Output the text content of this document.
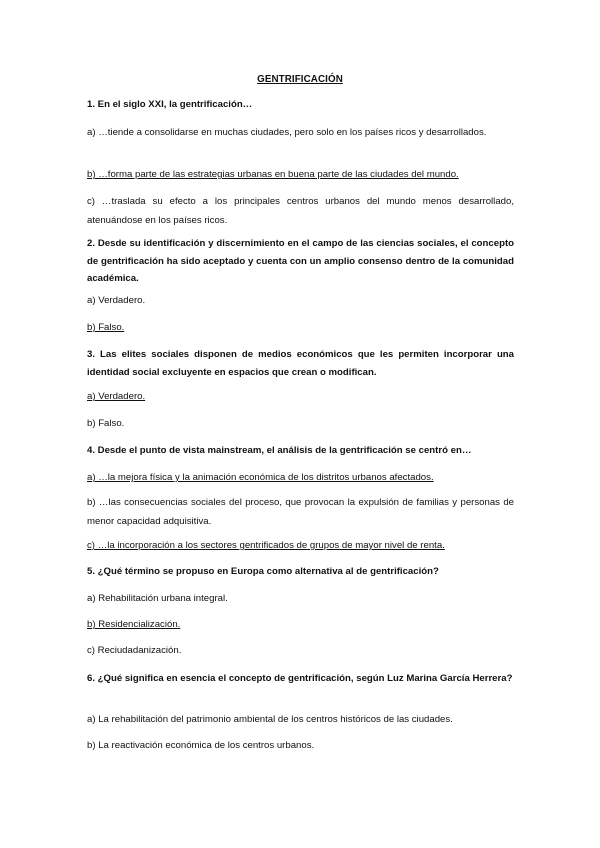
GENTRIFICACIÓN
1. En el siglo XXI, la gentrificación…
a) …tiende a consolidarse en muchas ciudades, pero solo en los países ricos y desarrollados.
b) …forma parte de las estrategias urbanas en buena parte de las ciudades del mundo.
c) …traslada su efecto a los principales centros urbanos del mundo menos desarrollado, atenuándose en los países ricos.
2. Desde su identificación y discernimiento en el campo de las ciencias sociales, el concepto de gentrificación ha sido aceptado y cuenta con un amplio consenso dentro de la comunidad académica.
a) Verdadero.
b) Falso.
3. Las elites sociales disponen de medios económicos que les permiten incorporar una identidad social excluyente en espacios que crean o modifican.
a) Verdadero.
b) Falso.
4. Desde el punto de vista mainstream, el análisis de la gentrificación se centró en…
a) …la mejora física y la animación económica de los distritos urbanos afectados.
b) …las consecuencias sociales del proceso, que provocan la expulsión de familias y personas de menor capacidad adquisitiva.
c) …la incorporación a los sectores gentrificados de grupos de mayor nivel de renta.
5. ¿Qué término se propuso en Europa como alternativa al de gentrificación?
a) Rehabilitación urbana integral.
b) Residencialización.
c) Reciudadanización.
6. ¿Qué significa en esencia el concepto de gentrificación, según Luz Marina García Herrera?
a) La rehabilitación del patrimonio ambiental de los centros históricos de las ciudades.
b) La reactivación económica de los centros urbanos.
